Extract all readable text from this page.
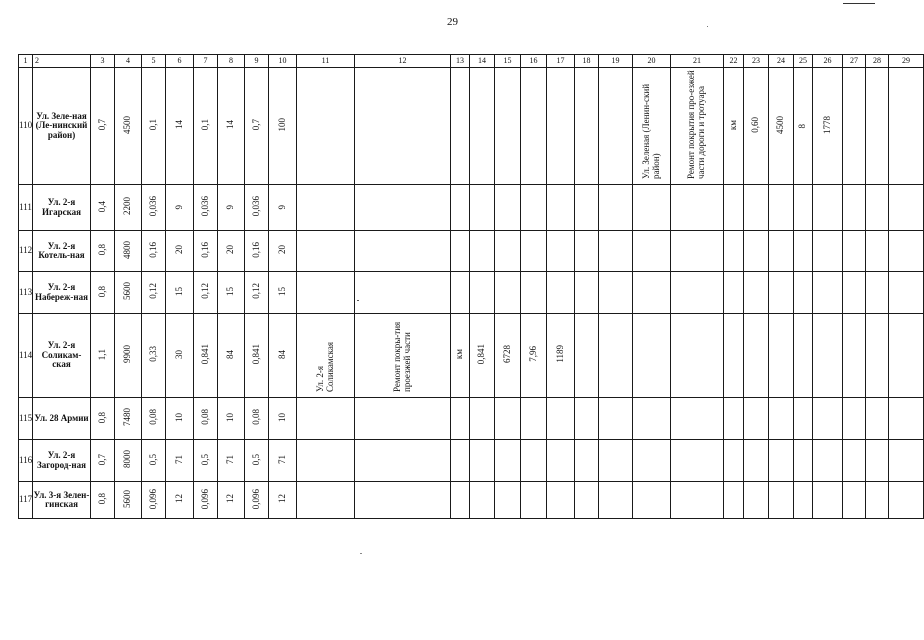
29
1	2	3	4	5	6	7	8	9	10	11	12	13	14	15	16	17	18	19	20	21	22	23	24	25	26	27	28	29
110	Ул. Зеле-ная (Ле-нинский район)	0,7	4500	0,1	14	0,1	14	0,7	100										Ул. Зеленая (Ленин-ский район)	Ремонт покрытия про-езжей части дороги и тротуара	км	0,60	4500	8	1778			
111	Ул. 2-я Игарская	0,4	2200	0,036	9	0,036	9	0,036	9																			
112	Ул. 2-я Котель-ная	0,8	4800	0,16	20	0,16	20	0,16	20																			
113	Ул. 2-я Набереж-ная	0,8	5600	0,12	15	0,12	15	0,12	15																			
114	Ул. 2-я Соликам-ская	1,1	9900	0,33	30	0,841	84	0,841	84	Ул. 2-я Соликамская	Ремонт покры-тия проезжей части	км	0,841	6728	7,96	1189												
115	Ул. 28 Армии	0,8	7480	0,08	10	0,08	10	0,08	10																			
116	Ул. 2-я Загород-ная	0,7	8000	0,5	71	0,5	71	0,5	71																			
117	Ул. 3-я Зелен-гинская	0,8	5600	0,096	12	0,096	12	0,096	12																			
